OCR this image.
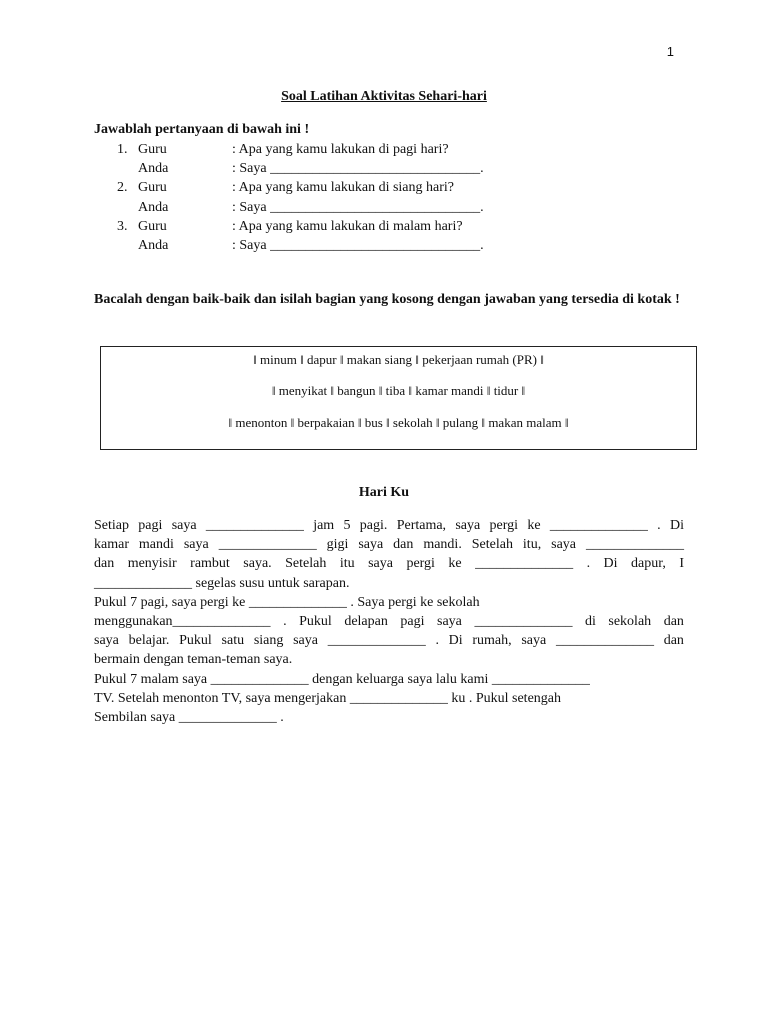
1
Soal Latihan Aktivitas Sehari-hari
Jawablah pertanyaan di bawah ini !
1. Guru	: Apa yang kamu lakukan di pagi hari?
Anda	: Saya ______________________________.
2. Guru	: Apa yang kamu lakukan di siang hari?
Anda	: Saya ______________________________.
3. Guru	: Apa yang kamu lakukan di malam hari?
Anda	: Saya ______________________________.
Bacalah dengan baik-baik dan isilah bagian yang kosong dengan jawaban yang tersedia di kotak !
‖ minum ‖ dapur ‖ makan siang ‖ pekerjaan rumah (PR) ‖
‖ menyikat ‖ bangun ‖ tiba ‖ kamar mandi ‖ tidur ‖
‖ menonton ‖ berpakaian ‖ bus ‖ sekolah ‖ pulang ‖ makan malam ‖
Hari Ku
Setiap pagi saya ______________ jam 5 pagi. Pertama, saya pergi ke ______________ . Di
kamar mandi saya ______________ gigi saya dan mandi. Setelah itu, saya ______________
dan menyisir rambut saya. Setelah itu saya pergi ke ______________ . Di dapur, I
______________ segelas susu untuk sarapan.
Pukul 7 pagi, saya pergi ke ______________ . Saya pergi ke sekolah
menggunakan______________ . Pukul delapan pagi saya ______________ di sekolah dan
saya belajar. Pukul satu siang saya ______________ . Di rumah, saya ______________ dan
bermain dengan teman-teman saya.
Pukul 7 malam saya ______________ dengan keluarga saya lalu kami ______________
TV. Setelah menonton TV, saya mengerjakan ______________ ku . Pukul setengah
Sembilan saya ______________ .
